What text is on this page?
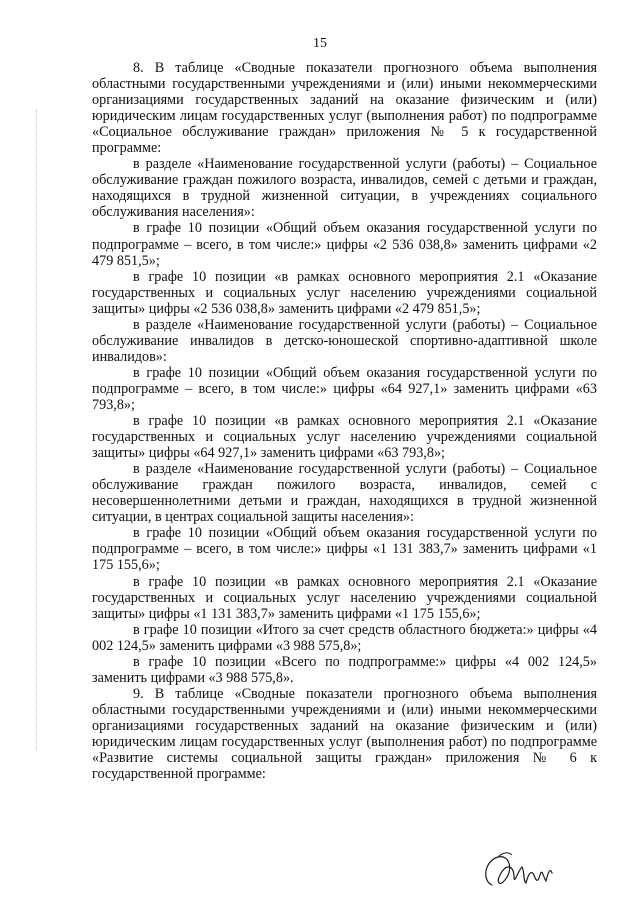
15

8. В таблице «Сводные показатели прогнозного объема выполнения областными государственными учреждениями и (или) иными некоммерческими организациями государственных заданий на оказание физическим и (или) юридическим лицам государственных услуг (выполнения работ) по подпрограмме «Социальное обслуживание граждан» приложения № 5 к государственной программе:

в разделе «Наименование государственной услуги (работы) – Социальное обслуживание граждан пожилого возраста, инвалидов, семей с детьми и граждан, находящихся в трудной жизненной ситуации, в учреждениях социального обслуживания населения»:

в графе 10 позиции «Общий объем оказания государственной услуги по подпрограмме – всего, в том числе:» цифры «2 536 038,8» заменить цифрами «2 479 851,5»;

в графе 10 позиции «в рамках основного мероприятия 2.1 «Оказание государственных и социальных услуг населению учреждениями социальной защиты» цифры «2 536 038,8» заменить цифрами «2 479 851,5»;

в разделе «Наименование государственной услуги (работы) – Социальное обслуживание инвалидов в детско-юношеской спортивно-адаптивной школе инвалидов»:

в графе 10 позиции «Общий объем оказания государственной услуги по подпрограмме – всего, в том числе:» цифры «64 927,1» заменить цифрами «63 793,8»;

в графе 10 позиции «в рамках основного мероприятия 2.1 «Оказание государственных и социальных услуг населению учреждениями социальной защиты» цифры «64 927,1» заменить цифрами «63 793,8»;

в разделе «Наименование государственной услуги (работы) – Социальное обслуживание граждан пожилого возраста, инвалидов, семей с несовершеннолетними детьми и граждан, находящихся в трудной жизненной ситуации, в центрах социальной защиты населения»:

в графе 10 позиции «Общий объем оказания государственной услуги по подпрограмме – всего, в том числе:» цифры «1 131 383,7» заменить цифрами «1 175 155,6»;

в графе 10 позиции «в рамках основного мероприятия 2.1 «Оказание государственных и социальных услуг населению учреждениями социальной защиты» цифры «1 131 383,7» заменить цифрами «1 175 155,6»;

в графе 10 позиции «Итого за счет средств областного бюджета:» цифры «4 002 124,5» заменить цифрами «3 988 575,8»;

в графе 10 позиции «Всего по подпрограмме:» цифры «4 002 124,5» заменить цифрами «3 988 575,8».

9. В таблице «Сводные показатели прогнозного объема выполнения областными государственными учреждениями и (или) иными некоммерческими организациями государственных заданий на оказание физическим и (или) юридическим лицам государственных услуг (выполнения работ) по подпрограмме «Развитие системы социальной защиты граждан» приложения № 6 к государственной программе:
